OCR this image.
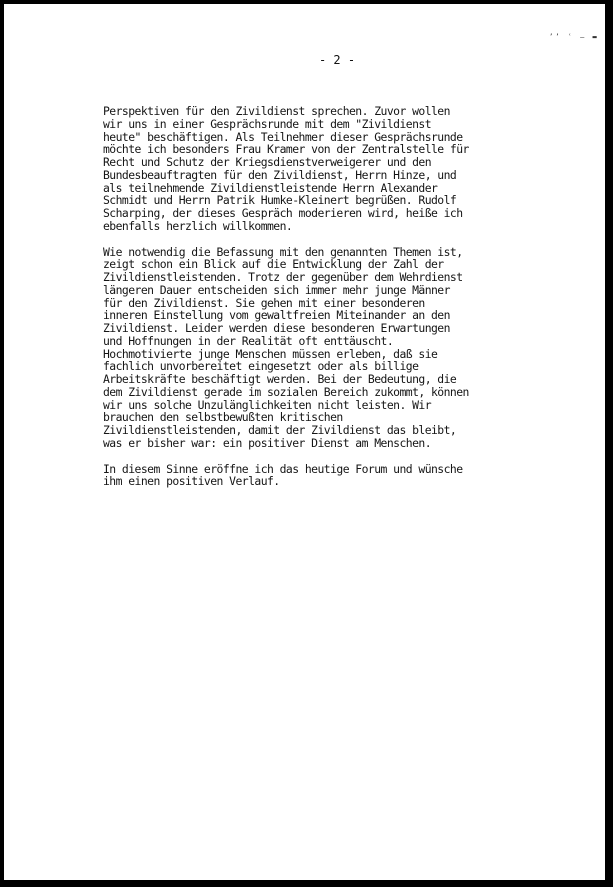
ʼʼ ʿ – ▬
- 2 -

Perspektiven für den Zivildienst sprechen. Zuvor wollen
wir uns in einer Gesprächsrunde mit dem "Zivildienst
heute" beschäftigen. Als Teilnehmer dieser Gesprächsrunde
möchte ich besonders Frau Kramer von der Zentralstelle für
Recht und Schutz der Kriegsdienstverweigerer und den
Bundesbeauftragten für den Zivildienst, Herrn Hinze, und
als teilnehmende Zivildienstleistende Herrn Alexander
Schmidt und Herrn Patrik Humke-Kleinert begrüßen. Rudolf
Scharping, der dieses Gespräch moderieren wird, heiße ich
ebenfalls herzlich willkommen.

Wie notwendig die Befassung mit den genannten Themen ist,
zeigt schon ein Blick auf die Entwicklung der Zahl der
Zivildienstleistenden. Trotz der gegenüber dem Wehrdienst
längeren Dauer entscheiden sich immer mehr junge Männer
für den Zivildienst. Sie gehen mit einer besonderen
inneren Einstellung vom gewaltfreien Miteinander an den
Zivildienst. Leider werden diese besonderen Erwartungen
und Hoffnungen in der Realität oft enttäuscht.
Hochmotivierte junge Menschen müssen erleben, daß sie
fachlich unvorbereitet eingesetzt oder als billige
Arbeitskräfte beschäftigt werden. Bei der Bedeutung, die
dem Zivildienst gerade im sozialen Bereich zukommt, können
wir uns solche Unzulänglichkeiten nicht leisten. Wir
brauchen den selbstbewußten kritischen
Zivildienstleistenden, damit der Zivildienst das bleibt,
was er bisher war: ein positiver Dienst am Menschen.

In diesem Sinne eröffne ich das heutige Forum und wünsche
ihm einen positiven Verlauf.
